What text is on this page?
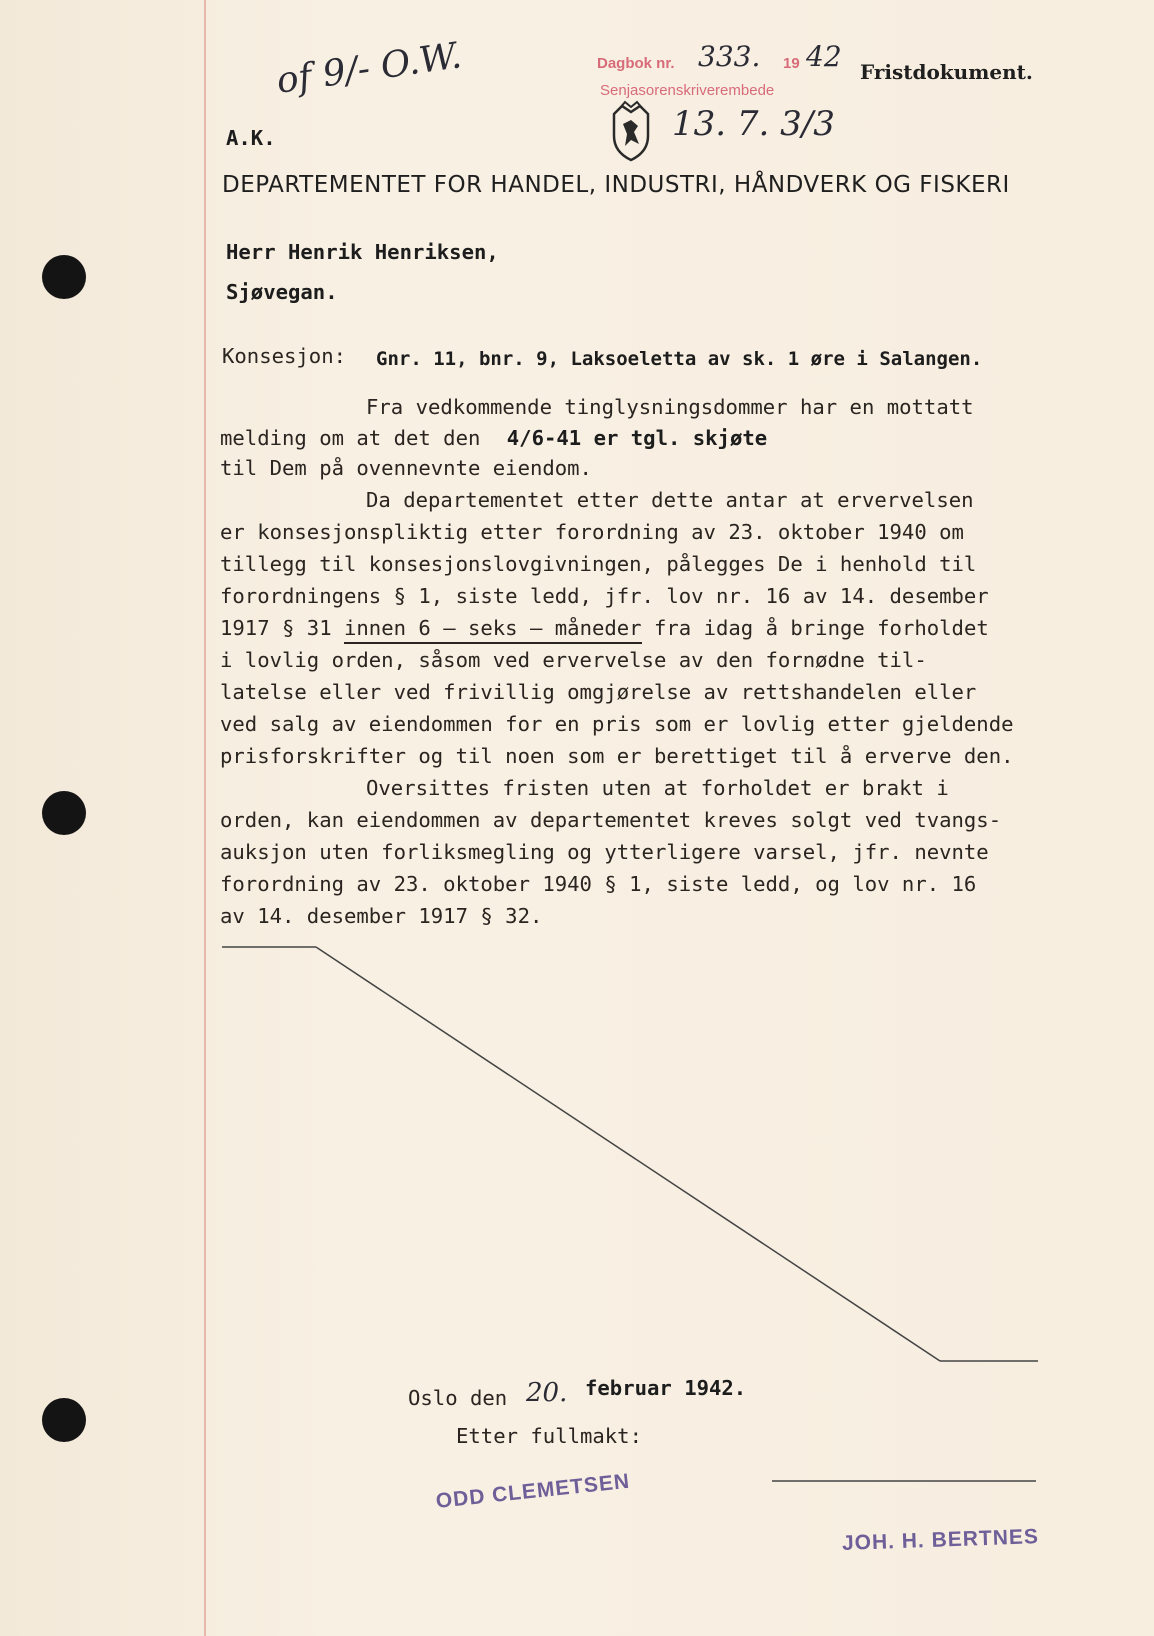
of 9/- O.W.	Dagbok nr. 333. 19 42
Senjasorenskriverembede
13. 7. 3/3
Fristdokument.
A.K.
DEPARTEMENTET FOR HANDEL, INDUSTRI, HÅNDVERK OG FISKERI
Herr Henrik Henriksen,
Sjøvegan.
Konsesjon: Gnr. 11, bnr. 9, Laksoeletta av sk. 1 øre i Salangen.
Fra vedkommende tinglysningsdommer har en mottatt
melding om at det den 4/6-41 er tgl. skjøte
til Dem på ovennevnte eiendom.
Da departementet etter dette antar at ervervelsen
er konsesjonspliktig etter forordning av 23. oktober 1940 om
tillegg til konsesjonslovgivningen, pålegges De i henhold til
forordningens § 1, siste ledd, jfr. lov nr. 16 av 14. desember
1917 § 31 innen 6 – seks – måneder fra idag å bringe forholdet
i lovlig orden, såsom ved ervervelse av den fornødne til-
latelse eller ved frivillig omgjørelse av rettshandelen eller
ved salg av eiendommen for en pris som er lovlig etter gjeldende
prisforskrifter og til noen som er berettiget til å erverve den.
Oversittes fristen uten at forholdet er brakt i
orden, kan eiendommen av departementet kreves solgt ved tvangs-
auksjon uten forliksmegling og ytterligere varsel, jfr. nevnte
forordning av 23. oktober 1940 § 1, siste ledd, og lov nr. 16
av 14. desember 1917 § 32.
Oslo den 20. februar 1942.
Etter fullmakt:
ODD CLEMETSEN
JOH. H. BERTNES
